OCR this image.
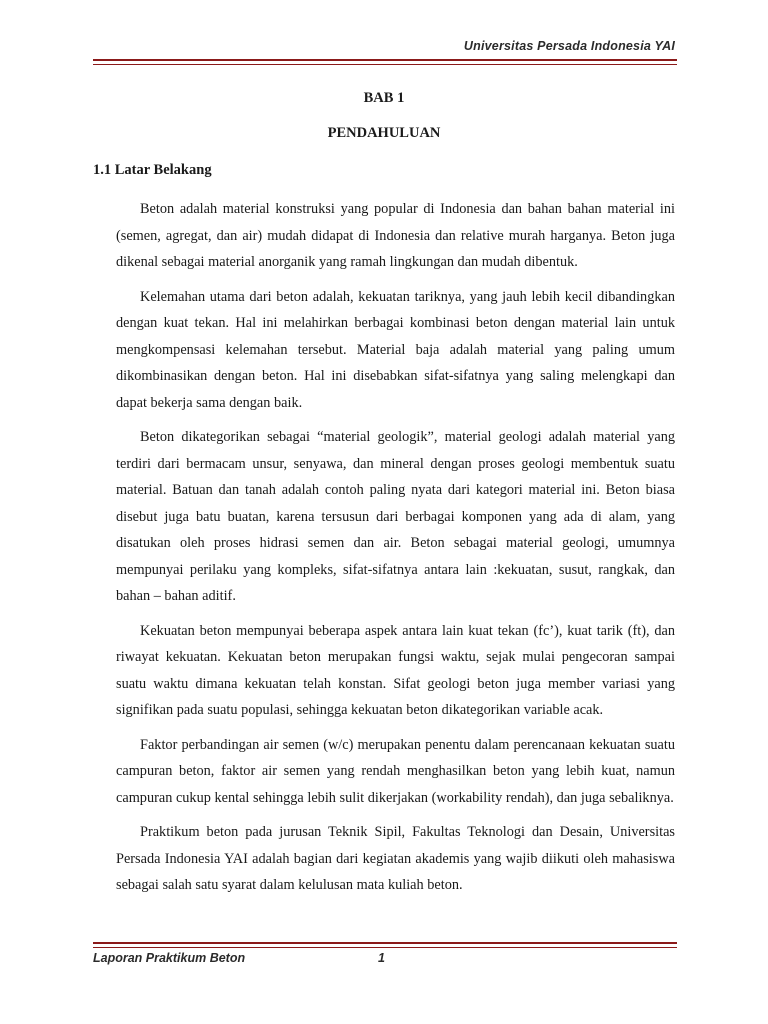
Universitas Persada Indonesia YAI
BAB 1
PENDAHULUAN
1.1 Latar Belakang

Beton adalah material konstruksi yang popular di Indonesia dan bahan bahan material ini (semen, agregat, dan air) mudah didapat di Indonesia dan relative murah harganya. Beton juga dikenal sebagai material anorganik yang ramah lingkungan dan mudah dibentuk.

Kelemahan utama dari beton adalah, kekuatan tariknya, yang jauh lebih kecil dibandingkan dengan kuat tekan. Hal ini melahirkan berbagai kombinasi beton dengan material lain untuk mengkompensasi kelemahan tersebut. Material baja adalah material yang paling umum dikombinasikan dengan beton. Hal ini disebabkan sifat-sifatnya yang saling melengkapi dan dapat bekerja sama dengan baik.

Beton dikategorikan sebagai “material geologik”, material geologi adalah material yang terdiri dari bermacam unsur, senyawa, dan mineral dengan proses geologi membentuk suatu material. Batuan dan tanah adalah contoh paling nyata dari kategori material ini. Beton biasa disebut juga batu buatan, karena tersusun dari berbagai komponen yang ada di alam, yang disatukan oleh proses hidrasi semen dan air. Beton sebagai material geologi, umumnya mempunyai perilaku yang kompleks, sifat-sifatnya antara lain :kekuatan, susut, rangkak, dan bahan – bahan aditif.

Kekuatan beton mempunyai beberapa aspek antara lain kuat tekan (fc’), kuat tarik (ft), dan riwayat kekuatan. Kekuatan beton merupakan fungsi waktu, sejak mulai pengecoran sampai suatu waktu dimana kekuatan telah konstan. Sifat geologi beton juga member variasi yang signifikan pada suatu populasi, sehingga kekuatan beton dikategorikan variable acak.

Faktor perbandingan air semen (w/c) merupakan penentu dalam perencanaan kekuatan suatu campuran beton, faktor air semen yang rendah menghasilkan beton yang lebih kuat, namun campuran cukup kental sehingga lebih sulit dikerjakan (workability rendah), dan juga sebaliknya.

Praktikum beton pada jurusan Teknik Sipil, Fakultas Teknologi dan Desain, Universitas Persada Indonesia YAI adalah bagian dari kegiatan akademis yang wajib diikuti oleh mahasiswa sebagai salah satu syarat dalam kelulusan mata kuliah beton.

Laporan Praktikum Beton	1
